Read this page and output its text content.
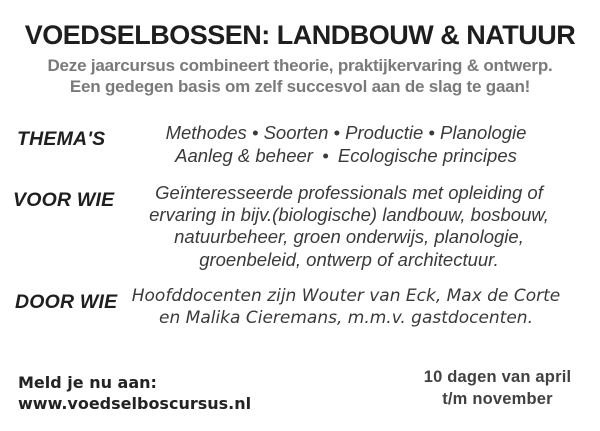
VOEDSELBOSSEN: LANDBOUW & NATUUR
Deze jaarcursus combineert theorie, praktijkervaring & ontwerp.
Een gedegen basis om zelf succesvol aan de slag te gaan!
THEMA'S	Methodes • Soorten • Productie • Planologie
Aanleg & beheer • Ecologische principes
VOOR WIE	Geïnteresseerde professionals met opleiding of
ervaring in bijv.(biologische) landbouw, bosbouw,
natuurbeheer, groen onderwijs, planologie,
groenbeleid, ontwerp of architectuur.
DOOR WIE Hoofddocenten zijn Wouter van Eck, Max de Corte
en Malika Cieremans, m.m.v. gastdocenten.
Meld je nu aan:
www.voedselboscursus.nl
10 dagen van april
t/m november
